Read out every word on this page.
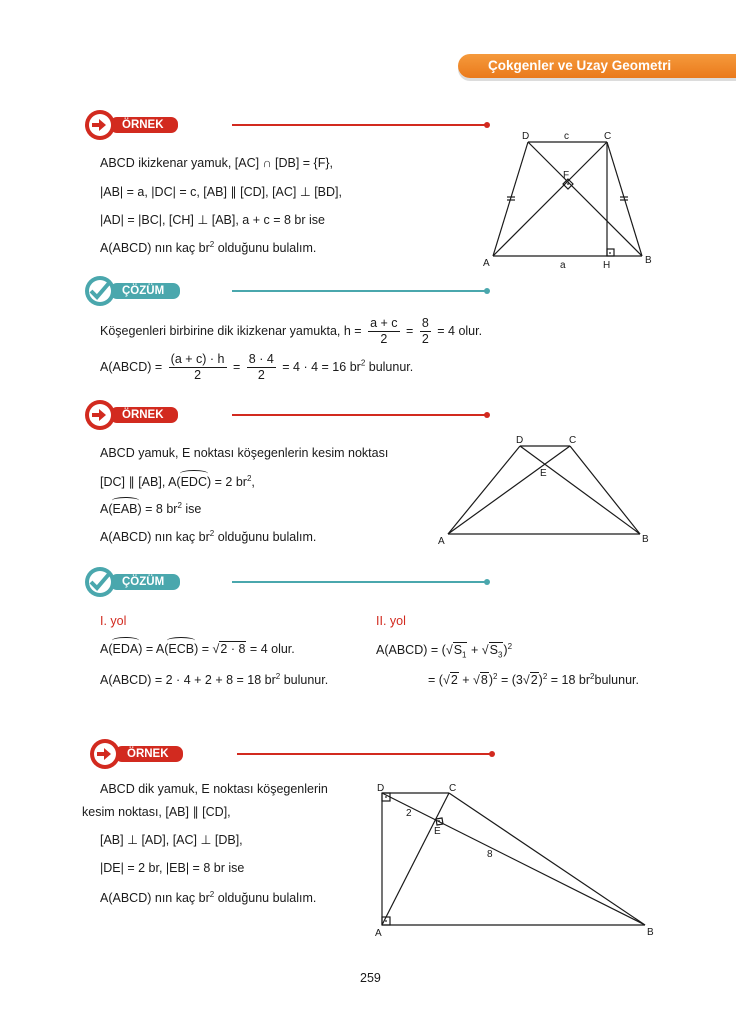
Çokgenler ve Uzay Geometri
ÖRNEK
ABCD ikizkenar yamuk, [AC] ∩ [DB] = {F},
|AB| = a, |DC| = c, [AB] ∥ [CD], [AC] ⊥ [BD],
|AD| = |BC|, [CH] ⊥ [AB], a + c = 8 br ise
A(ABCD) nın kaç $br^2$ olduğunu bulalım.
A	B
C
D
F
H
a
c
ÇÖZÜM
Köşegenleri birbirine dik ikizkenar yamukta, $h = \frac{a + c}{2} = \frac{8}{2} = 4$ olur.
A(ABCD) = $\frac{(a + c) \cdot h}{2} = \frac{8 \cdot 4}{2} = 4 \cdot 4 = 16$ $br^2$ bulunur.
ÖRNEK
ABCD yamuk, E noktası köşegenlerin kesim noktası
[DC] ∥ [AB], A(
EDC) = 2 $br^2$,
A(
EAB) = 8 $br^2$ ise
A(ABCD) nın kaç $br^2$ olduğunu bulalım.	A	B
C
D
E
ÇÖZÜM
I. yol	II. yol
A(
EDA) = A(
ECB) = √2 · 8 = 4 olur.
A(ABCD) = 2 · 4 + 2 + 8 = 18 $br^2$ bulunur.
A(ABCD) = $(√S_1 + √S_3)^2$
= $(√2 + √8)^2 = (3√2)^2 = 18$ $br^2bulunur$.
ÖRNEK
ABCD dik yamuk, E noktası köşegenlerin
kesim noktası, [AB] ∥ [CD],
[AB] ⊥ [AD], [AC] ⊥ [DB],
|DE| = 2 br, |EB| = 8 br ise
A(ABCD) nın kaç $br^2$ olduğunu bulalım.
A	B
C
D
E
2
8
259
